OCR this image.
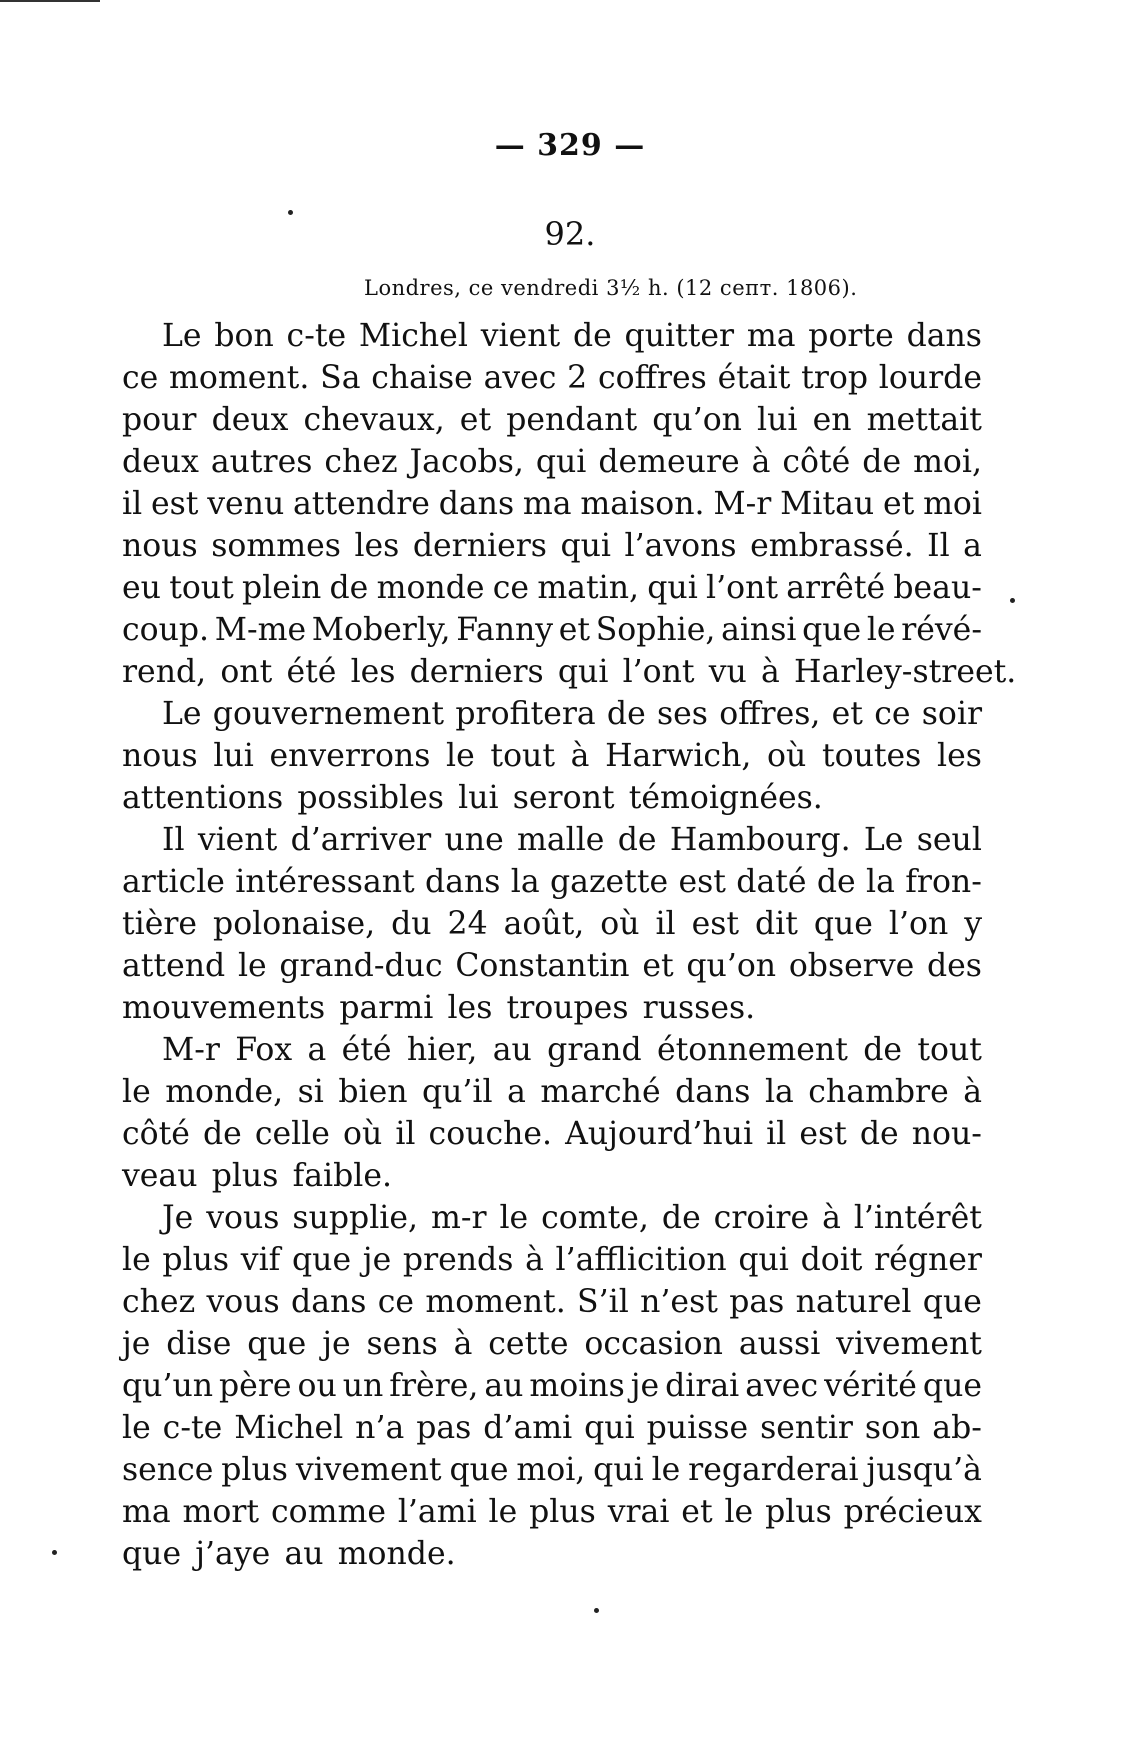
— 329 —
92.
Londres, ce vendredi 3½ h. (12 септ. 1806).
Le bon c-te Michel vient de quitter ma porte dans
ce moment. Sa chaise avec 2 coffres était trop lourde
pour deux chevaux, et pendant qu’on lui en mettait
deux autres chez Jacobs, qui demeure à côté de moi,
il est venu attendre dans ma maison. M-r Mitau et moi
nous sommes les derniers qui l’avons embrassé. Il a
eu tout plein de monde ce matin, qui l’ont arrêté beau-
coup. M-me Moberly, Fanny et Sophie, ainsi que le révé-
rend, ont été les derniers qui l’ont vu à Harley-street.
Le gouvernement profitera de ses offres, et ce soir
nous lui enverrons le tout à Harwich, où toutes les
attentions possibles lui seront témoignées.
Il vient d’arriver une malle de Hambourg. Le seul
article intéressant dans la gazette est daté de la fron-
tière polonaise, du 24 août, où il est dit que l’on y
attend le grand-duc Constantin et qu’on observe des
mouvements parmi les troupes russes.
M-r Fox a été hier, au grand étonnement de tout
le monde, si bien qu’il a marché dans la chambre à
côté de celle où il couche. Aujourd’hui il est de nou-
veau plus faible.
Je vous supplie, m-r le comte, de croire à l’intérêt
le plus vif que je prends à l’afflicition qui doit régner
chez vous dans ce moment. S’il n’est pas naturel que
je dise que je sens à cette occasion aussi vivement
qu’un père ou un frère, au moins je dirai avec vérité que
le c-te Michel n’a pas d’ami qui puisse sentir son ab-
sence plus vivement que moi, qui le regarderai jusqu’à
ma mort comme l’ami le plus vrai et le plus précieux
que j’aye au monde.
